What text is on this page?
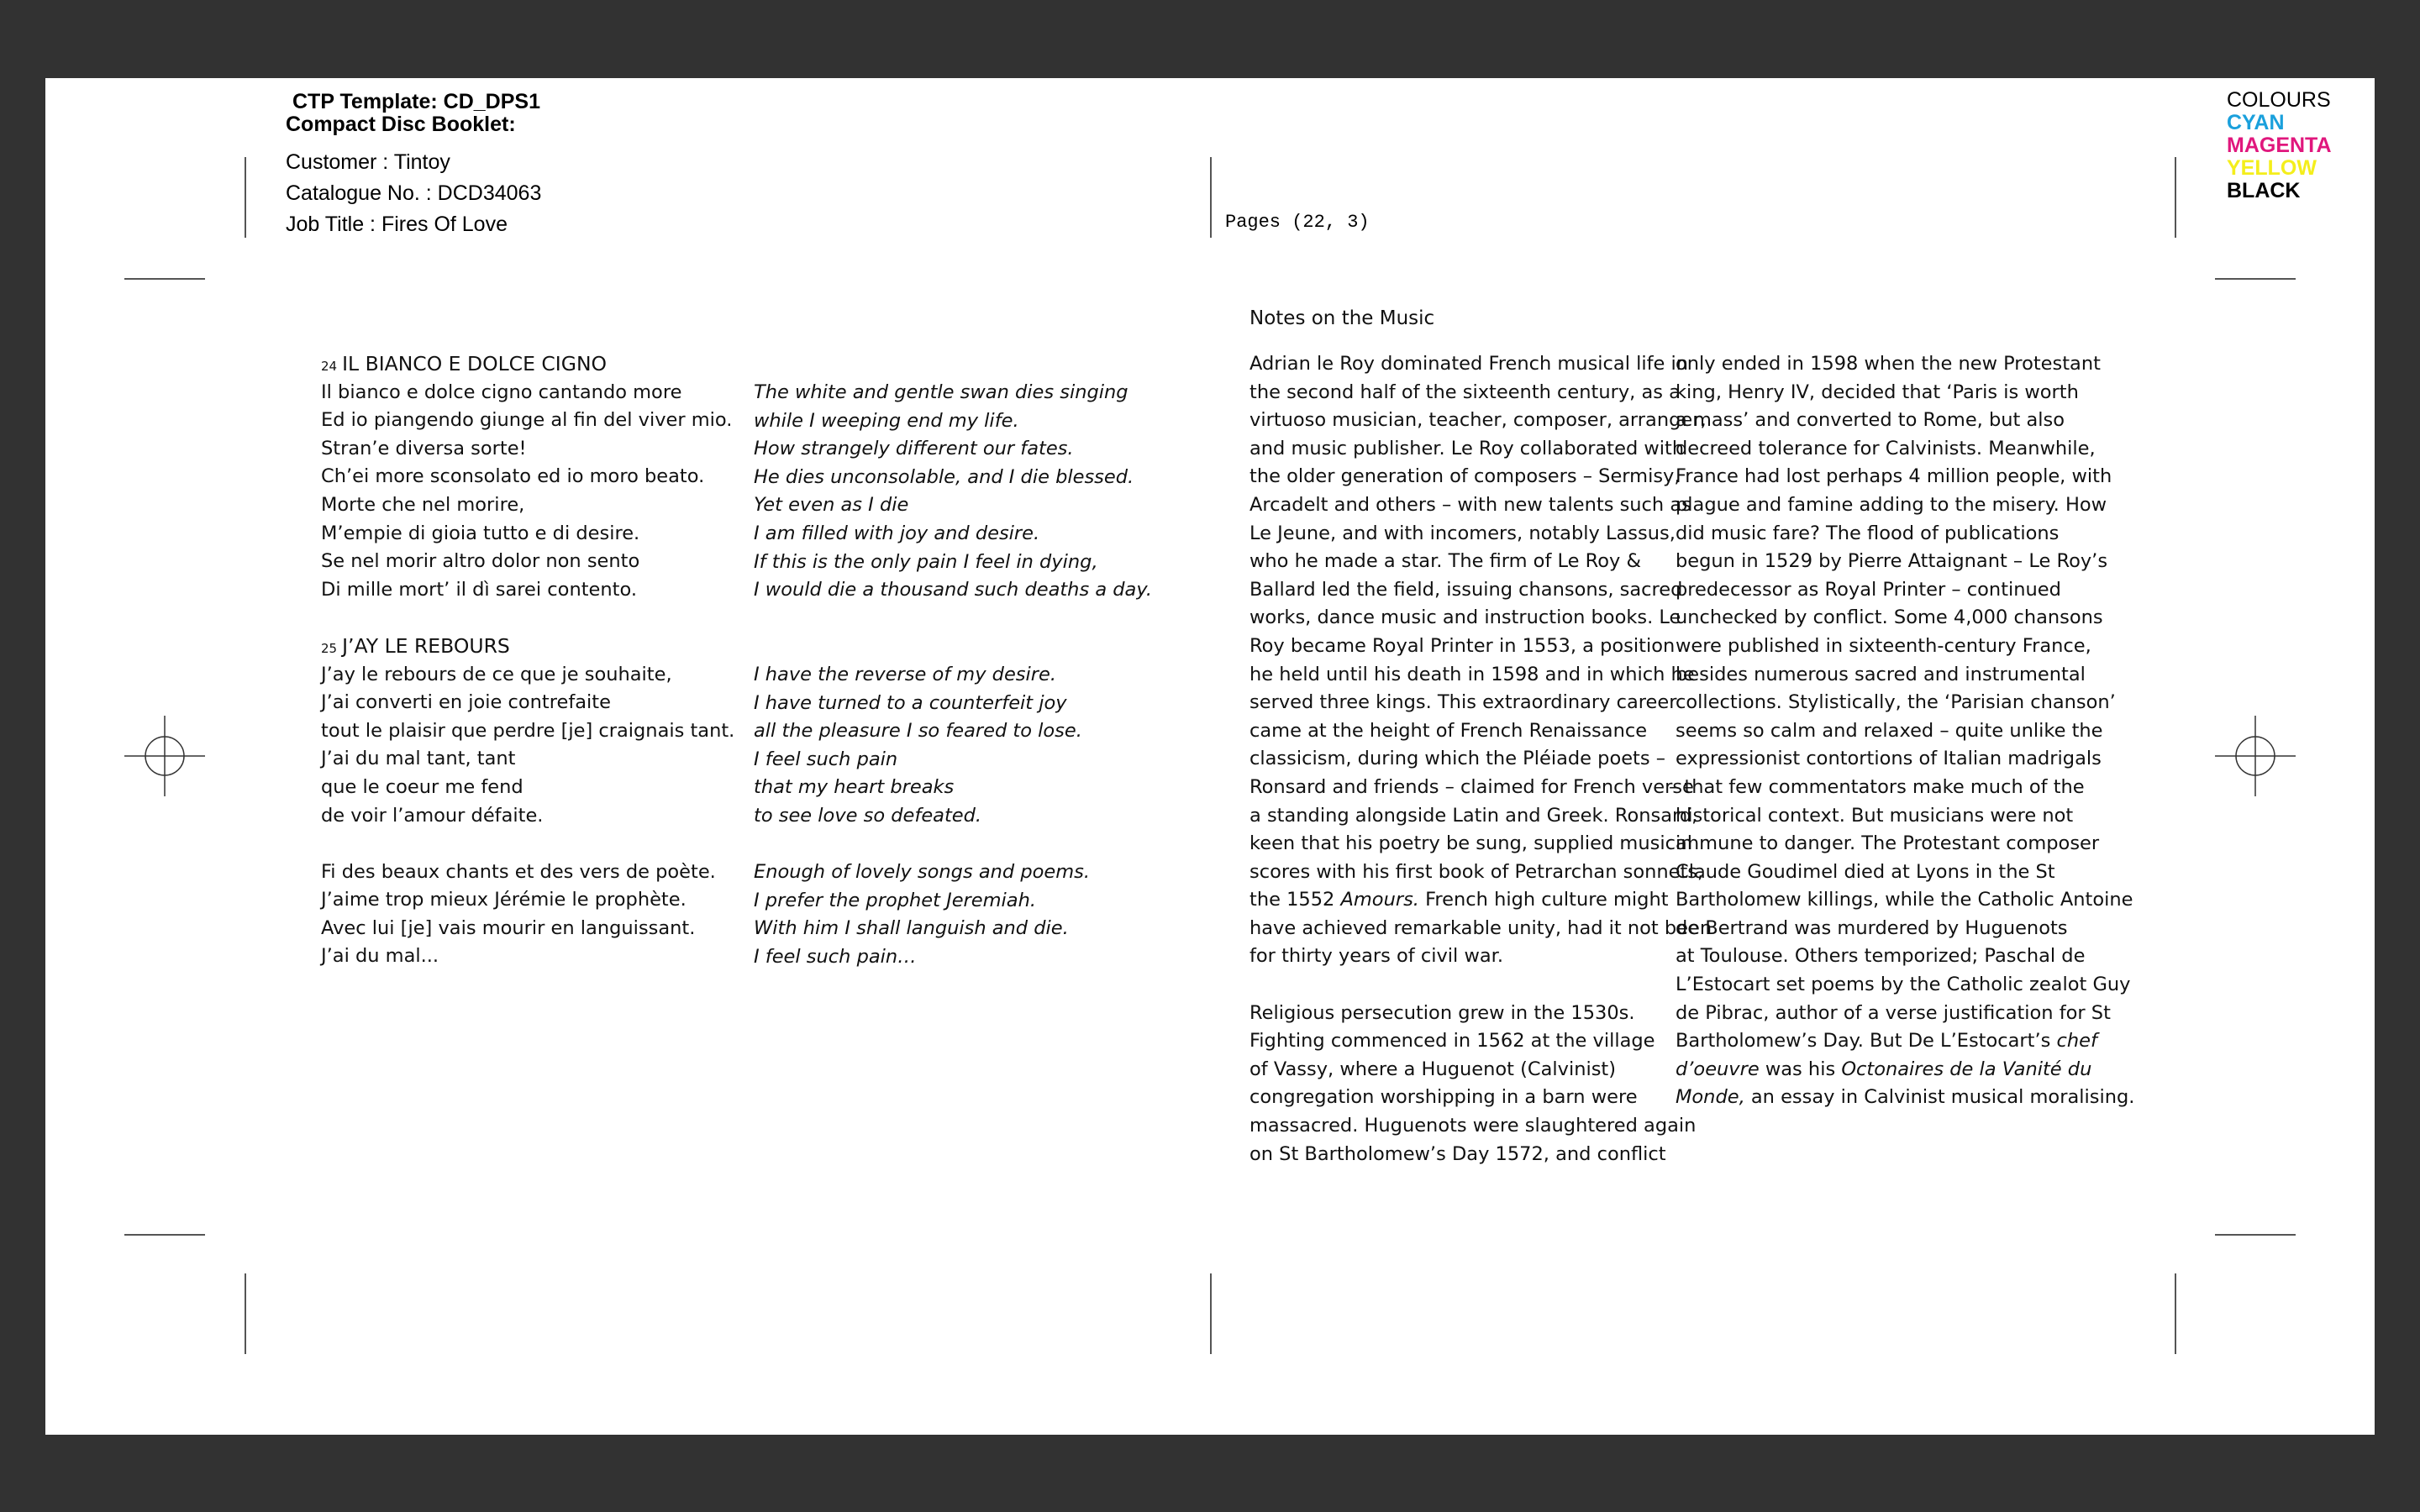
CTP Template: CD_DPS1
Compact Disc Booklet:
Customer : Tintoy
Catalogue No. : DCD34063
Job Title : Fires Of Love	Pages (22, 3)
COLOURS
CYAN
MAGENTA
YELLOW
BLACK
24 IL BIANCO E DOLCE CIGNO
Il bianco e dolce cigno cantando more
Ed io piangendo giunge al fin del viver mio.
Stran’e diversa sorte!
Ch’ei more sconsolato ed io moro beato.
Morte che nel morire,
M’empie di gioia tutto e di desire.
Se nel morir altro dolor non sento
Di mille mort’ il dì sarei contento.
25 J’AY LE REBOURS
J’ay le rebours de ce que je souhaite,
J’ai converti en joie contrefaite
tout le plaisir que perdre [je] craignais tant.
J’ai du mal tant, tant
que le coeur me fend
de voir l’amour défaite.
Fi des beaux chants et des vers de poète.
J’aime trop mieux Jérémie le prophète.
Avec lui [je] vais mourir en languissant.
J’ai du mal...
The white and gentle swan dies singing
while I weeping end my life.
How strangely different our fates.
He dies unconsolable, and I die blessed.
Yet even as I die
I am filled with joy and desire.
If this is the only pain I feel in dying,
I would die a thousand such deaths a day.
I have the reverse of my desire.
I have turned to a counterfeit joy
all the pleasure I so feared to lose.
I feel such pain
that my heart breaks
to see love so defeated.
Enough of lovely songs and poems.
I prefer the prophet Jeremiah.
With him I shall languish and die.
I feel such pain…
Notes on the Music
Adrian le Roy dominated French musical life in
the second half of the sixteenth century, as a
virtuoso musician, teacher, composer, arranger,
and music publisher. Le Roy collaborated with
the older generation of composers – Sermisy,
Arcadelt and others – with new talents such as
Le Jeune, and with incomers, notably Lassus,
who he made a star. The firm of Le Roy &
Ballard led the field, issuing chansons, sacred
works, dance music and instruction books. Le
Roy became Royal Printer in 1553, a position
he held until his death in 1598 and in which he
served three kings. This extraordinary career
came at the height of French Renaissance
classicism, during which the Pléiade poets –
Ronsard and friends – claimed for French verse
a standing alongside Latin and Greek. Ronsard,
keen that his poetry be sung, supplied musical
scores with his first book of Petrarchan sonnets,
the 1552 Amours. French high culture might
have achieved remarkable unity, had it not been
for thirty years of civil war.
Religious persecution grew in the 1530s.
Fighting commenced in 1562 at the village
of Vassy, where a Huguenot (Calvinist)
congregation worshipping in a barn were
massacred. Huguenots were slaughtered again
on St Bartholomew’s Day 1572, and conflict
only ended in 1598 when the new Protestant
king, Henry IV, decided that ‘Paris is worth
a mass’ and converted to Rome, but also
decreed tolerance for Calvinists. Meanwhile,
France had lost perhaps 4 million people, with
plague and famine adding to the misery. How
did music fare? The flood of publications
begun in 1529 by Pierre Attaignant – Le Roy’s
predecessor as Royal Printer – continued
unchecked by conflict. Some 4,000 chansons
were published in sixteenth-century France,
besides numerous sacred and instrumental
collections. Stylistically, the ‘Parisian chanson’
seems so calm and relaxed – quite unlike the
expressionist contortions of Italian madrigals
– that few commentators make much of the
historical context. But musicians were not
immune to danger. The Protestant composer
Claude Goudimel died at Lyons in the St
Bartholomew killings, while the Catholic Antoine
de Bertrand was murdered by Huguenots
at Toulouse. Others temporized; Paschal de
L’Estocart set poems by the Catholic zealot Guy
de Pibrac, author of a verse justification for St
Bartholomew’s Day. But De L’Estocart’s chef
d’oeuvre was his Octonaires de la Vanité du
Monde, an essay in Calvinist musical moralising.
